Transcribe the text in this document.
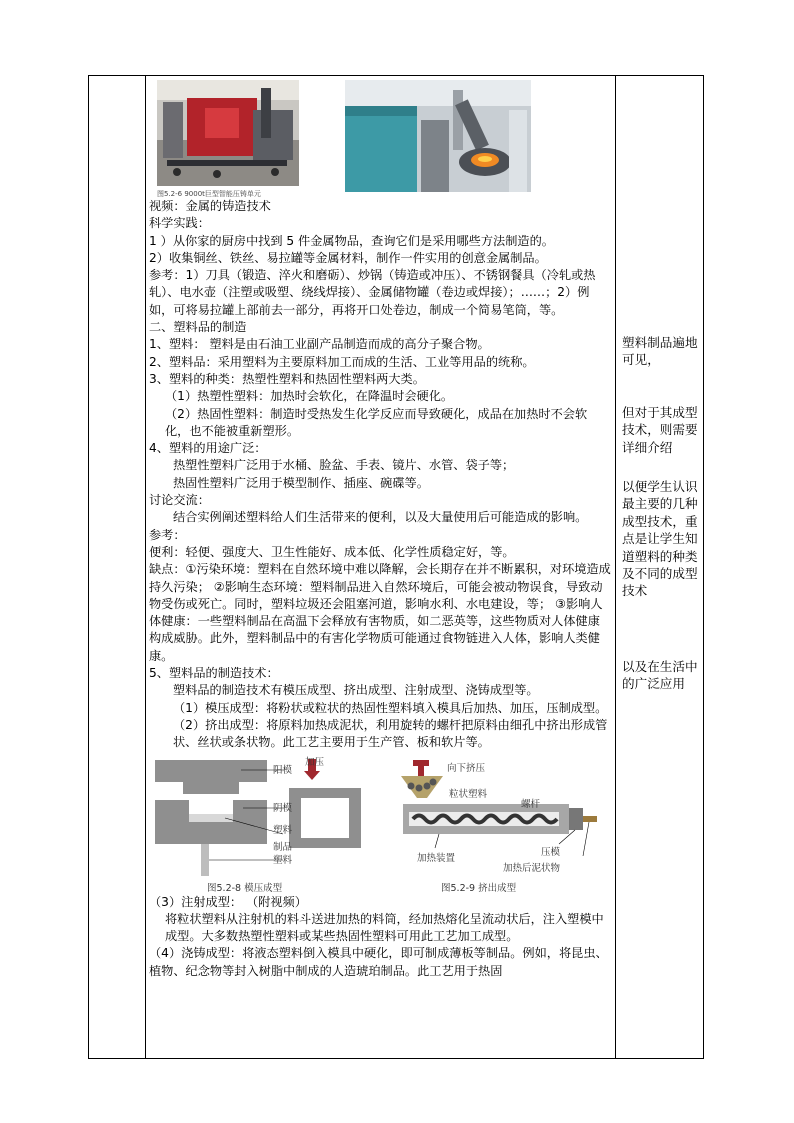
图5.2-6 9000t巨型智能压铸单元

视频：金属的铸造技术

科学实践：

1 ）从你家的厨房中找到 5 件金属物品，查询它们是采用哪些方法制造的。

2）收集铜丝、铁丝、易拉罐等金属材料，制作一件实用的创意金属制品。

参考：1）刀具（锻造、淬火和磨砺）、炒锅（铸造或冲压）、不锈钢餐具（冷轧或热轧）、电水壶（注塑或吸塑、绕线焊接）、金属储物罐（卷边或焊接）；……；2）例如，可将易拉罐上部前去一部分，再将开口处卷边，制成一个简易笔筒，等。

二、塑料品的制造

1、塑料： 塑料是由石油工业副产品制造而成的高分子聚合物。

2、塑料品：采用塑料为主要原料加工而成的生活、工业等用品的统称。

3、塑料的种类：热塑性塑料和热固性塑料两大类。

（1）热塑性塑料：加热时会软化，在降温时会硬化。

（2）热固性塑料：制造时受热发生化学反应而导致硬化，成品在加热时不会软化，也不能被重新塑形。

4、塑料的用途广泛：

热塑性塑料广泛用于水桶、脸盆、手表、镜片、水管、袋子等；

热固性塑料广泛用于模型制作、插座、碗碟等。

讨论交流：

结合实例阐述塑料给人们生活带来的便利，以及大量使用后可能造成的影响。

参考：

便利：轻便、强度大、卫生性能好、成本低、化学性质稳定好，等。

缺点：①污染环境：塑料在自然环境中难以降解，会长期存在并不断累积，对环境造成持久污染； ②影响生态环境：塑料制品进入自然环境后，可能会被动物误食，导致动物受伤或死亡。同时，塑料垃圾还会阻塞河道，影响水利、水电建设，等； ③影响人体健康：一些塑料制品在高温下会释放有害物质，如二恶英等，这些物质对人体健康构成威胁。此外，塑料制品中的有害化学物质可能通过食物链进入人体，影响人类健康。

5、塑料品的制造技术：

塑料品的制造技术有模压成型、挤出成型、注射成型、浇铸成型等。

（1）模压成型：将粉状或粒状的热固性塑料填入模具后加热、加压，压制成型。

（2）挤出成型：将原料加热成泥状，利用旋转的螺杆把原料由细孔中挤出形成管状、丝状或条状物。此工艺主要用于生产管、板和软片等。

阳模
阴模
塑料制品
塑料
加压
向下挤压
粒状塑料
螺杆
加热装置
压模
加热后泥状物
图5.2-8 模压成型	图5.2-9 挤出成型

（3）注射成型： （附视频）

将粒状塑料从注射机的料斗送进加热的料筒，经加热熔化呈流动状后，注入塑模中成型。大多数热塑性塑料或某些热固性塑料可用此工艺加工成型。

（4）浇铸成型：将液态塑料倒入模具中硬化，即可制成薄板等制品。例如，将昆虫、植物、纪念物等封入树脂中制成的人造琥珀制品。此工艺用于热固

塑料制品遍地可见，

但对于其成型技术，则需要详细介绍

以便学生认识最主要的几种成型技术，重点是让学生知道塑料的种类及不同的成型技术

以及在生活中的广泛应用
